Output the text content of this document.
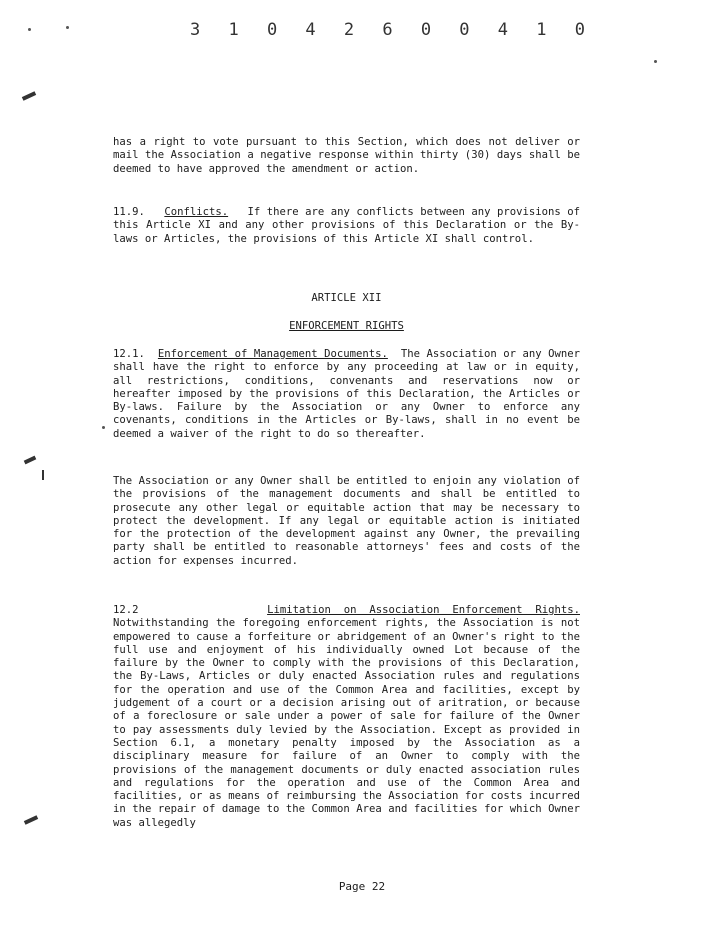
3 1 0 4 2 6 0 0 4 1 0

has a right to vote pursuant to this Section, which does not deliver or mail the Association a negative response within thirty (30) days shall be deemed to have approved the amendment or action.

11.9. Conflicts. If there are any conflicts between any provisions of this Article XI and any other provisions of this Declaration or the By-laws or Articles, the provisions of this Article XI shall control.

ARTICLE XII
ENFORCEMENT RIGHTS

12.1. Enforcement of Management Documents. The Association or any Owner shall have the right to enforce by any proceeding at law or in equity, all restrictions, conditions, convenants and reservations now or hereafter imposed by the provisions of this Declaration, the Articles or By-laws. Failure by the Association or any Owner to enforce any covenants, conditions in the Articles or By-laws, shall in no event be deemed a waiver of the right to do so thereafter.

The Association or any Owner shall be entitled to enjoin any violation of the provisions of the management documents and shall be entitled to prosecute any other legal or equitable action that may be necessary to protect the development. If any legal or equitable action is initiated for the protection of the development against any Owner, the prevailing party shall be entitled to reasonable attorneys' fees and costs of the action for expenses incurred.

12.2	Limitation on Association Enforcement Rights. Notwithstanding the foregoing enforcement rights, the Association is not empowered to cause a forfeiture or abridgement of an Owner's right to the full use and enjoyment of his individually owned Lot because of the failure by the Owner to comply with the provisions of this Declaration, the By-Laws, Articles or duly enacted Association rules and regulations for the operation and use of the Common Area and facilities, except by judgement of a court or a decision arising out of aritration, or because of a foreclosure or sale under a power of sale for failure of the Owner to pay assessments duly levied by the Association. Except as provided in Section 6.1, a monetary penalty imposed by the Association as a disciplinary measure for failure of an Owner to comply with the provisions of the management documents or duly enacted association rules and regulations for the operation and use of the Common Area and facilities, or as means of reimbursing the Association for costs incurred in the repair of damage to the Common Area and facilities for which Owner was allegedly

Page 22
